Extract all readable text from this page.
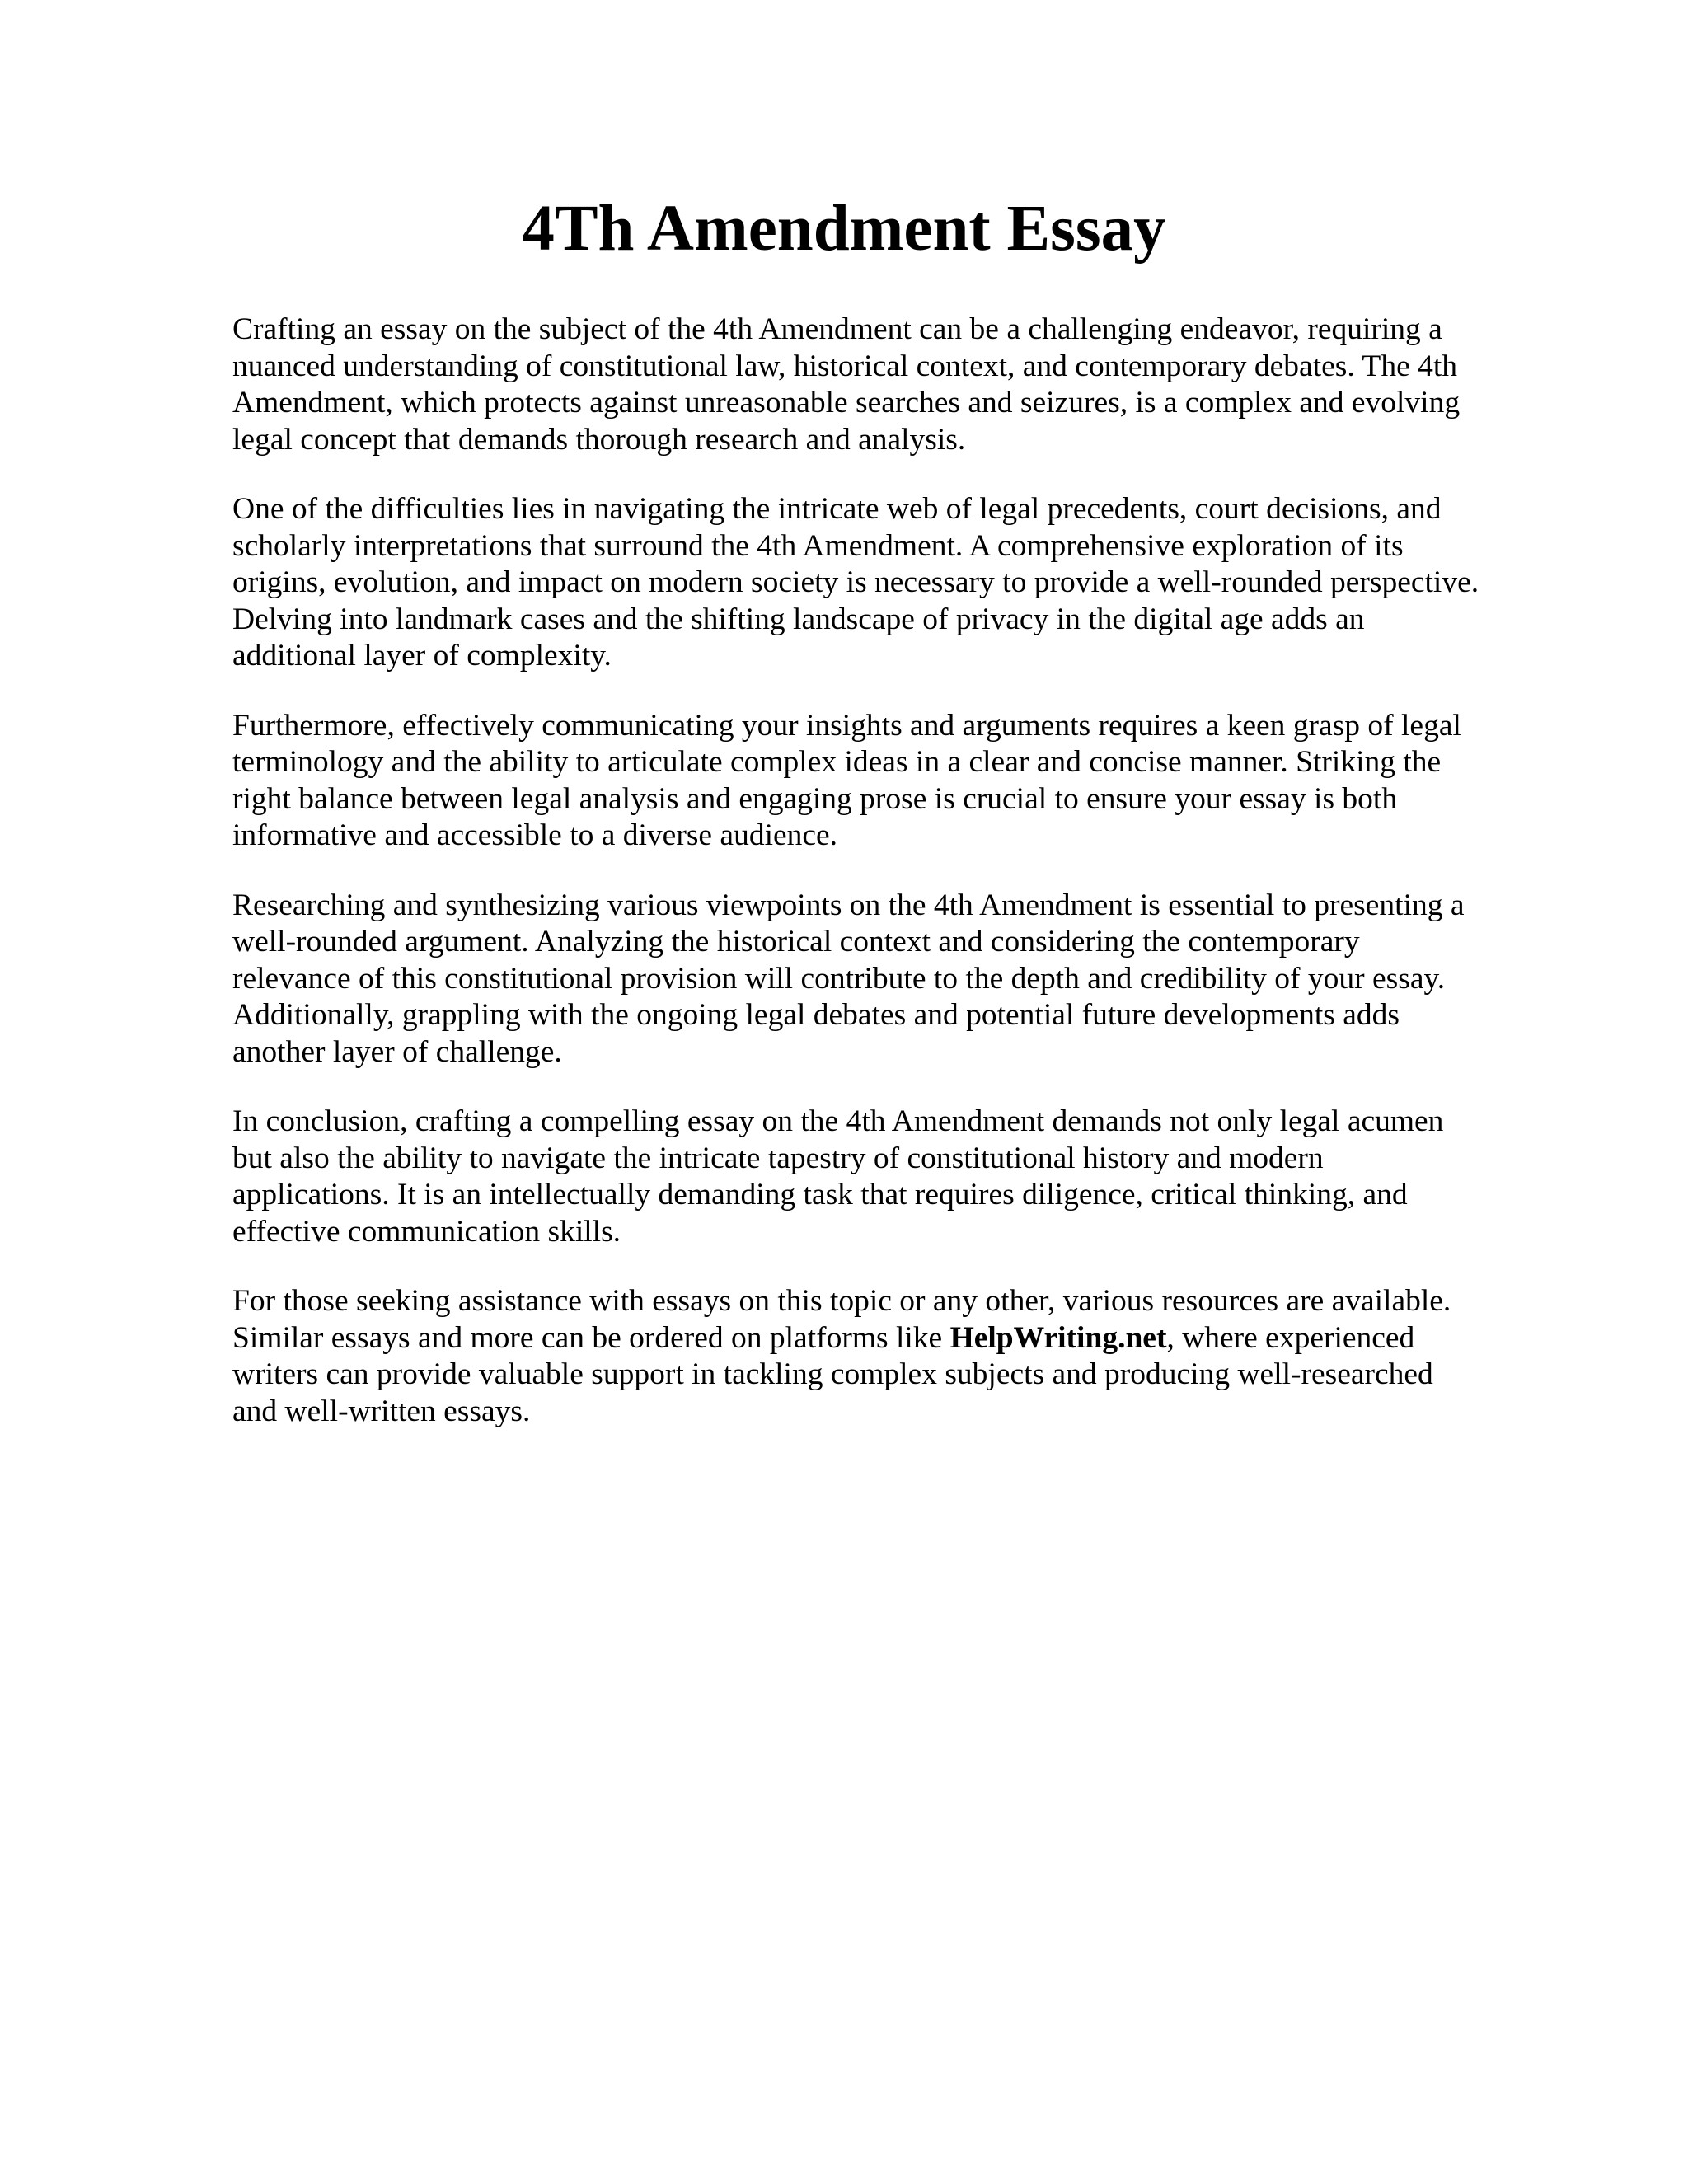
4Th Amendment Essay

Crafting an essay on the subject of the 4th Amendment can be a challenging endeavor, requiring a
nuanced understanding of constitutional law, historical context, and contemporary debates. The 4th
Amendment, which protects against unreasonable searches and seizures, is a complex and evolving
legal concept that demands thorough research and analysis.

One of the difficulties lies in navigating the intricate web of legal precedents, court decisions, and
scholarly interpretations that surround the 4th Amendment. A comprehensive exploration of its
origins, evolution, and impact on modern society is necessary to provide a well-rounded perspective.
Delving into landmark cases and the shifting landscape of privacy in the digital age adds an
additional layer of complexity.

Furthermore, effectively communicating your insights and arguments requires a keen grasp of legal
terminology and the ability to articulate complex ideas in a clear and concise manner. Striking the
right balance between legal analysis and engaging prose is crucial to ensure your essay is both
informative and accessible to a diverse audience.

Researching and synthesizing various viewpoints on the 4th Amendment is essential to presenting a
well-rounded argument. Analyzing the historical context and considering the contemporary
relevance of this constitutional provision will contribute to the depth and credibility of your essay.
Additionally, grappling with the ongoing legal debates and potential future developments adds
another layer of challenge.

In conclusion, crafting a compelling essay on the 4th Amendment demands not only legal acumen
but also the ability to navigate the intricate tapestry of constitutional history and modern
applications. It is an intellectually demanding task that requires diligence, critical thinking, and
effective communication skills.

For those seeking assistance with essays on this topic or any other, various resources are available.
Similar essays and more can be ordered on platforms like HelpWriting.net, where experienced
writers can provide valuable support in tackling complex subjects and producing well-researched
and well-written essays.
